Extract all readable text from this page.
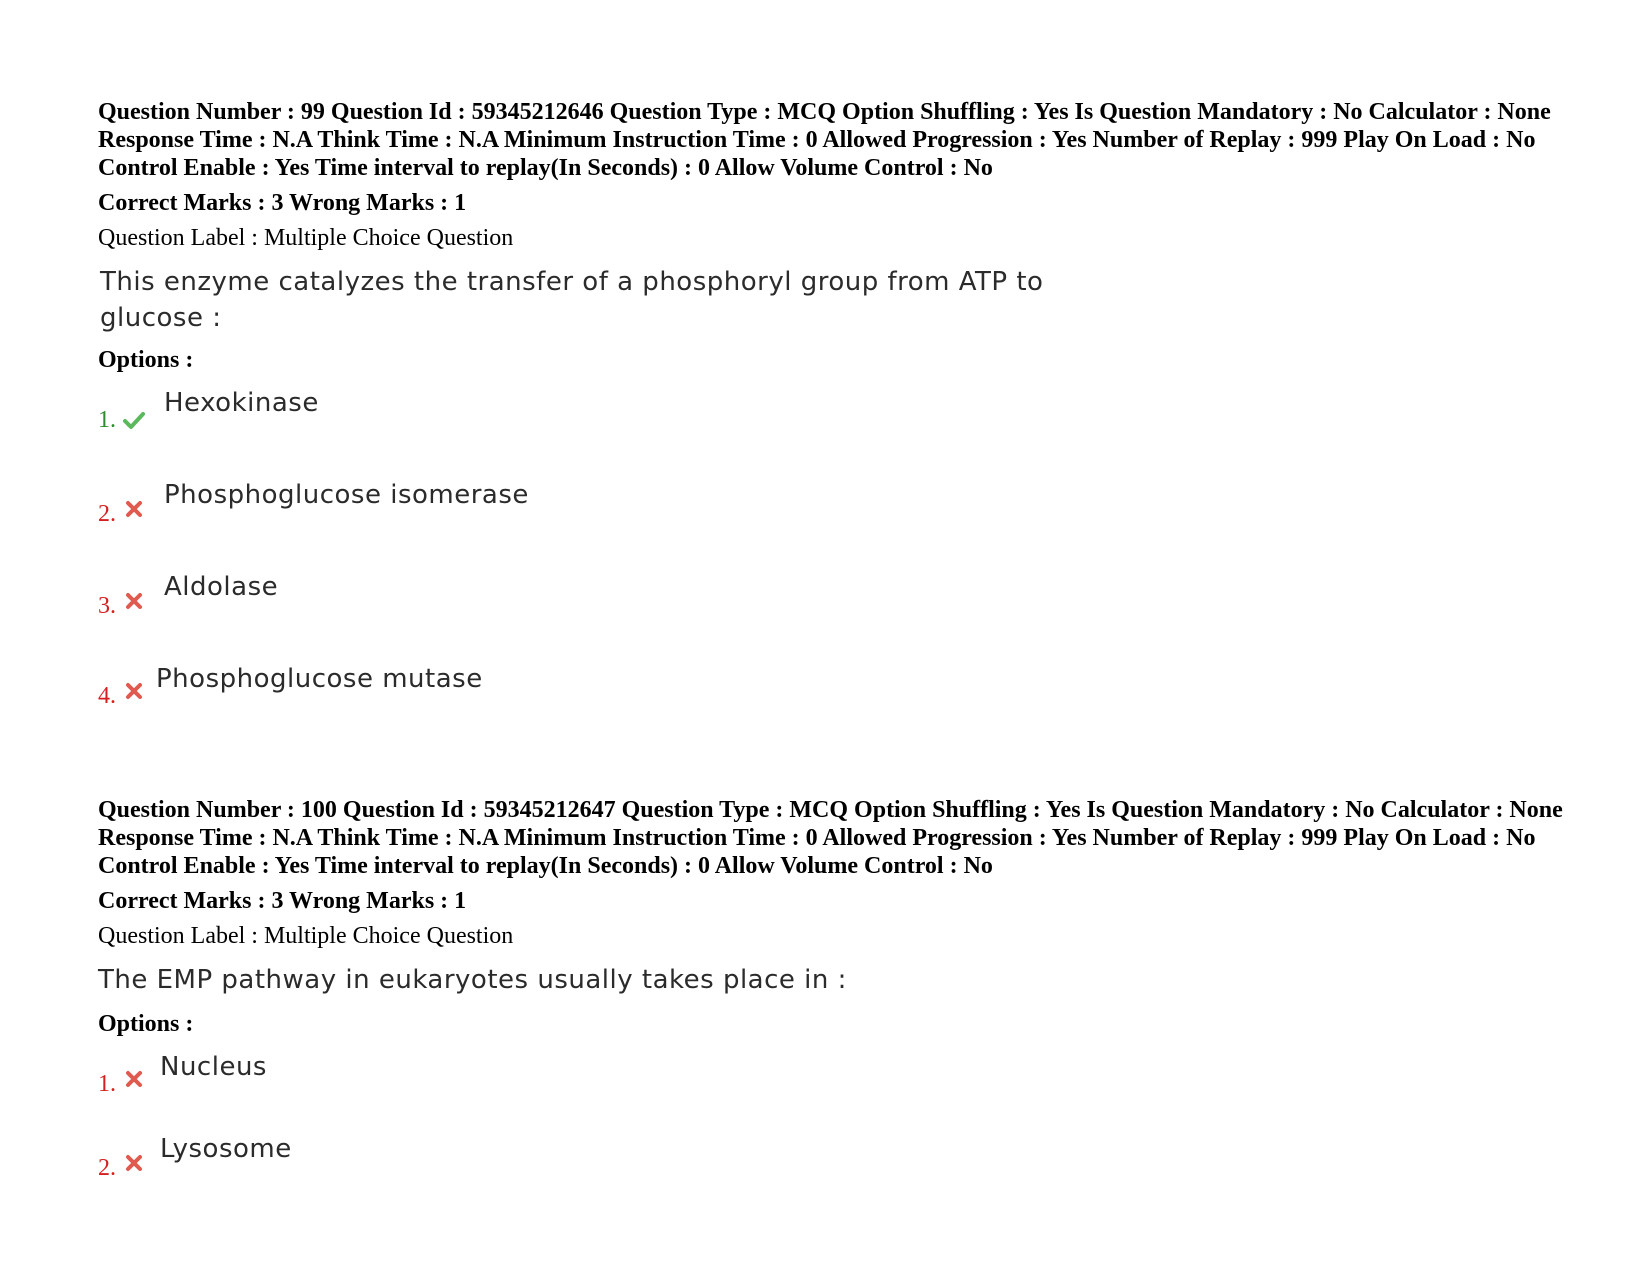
Question Number : 99 Question Id : 59345212646 Question Type : MCQ Option Shuffling : Yes Is Question Mandatory : No Calculator : None Response Time : N.A Think Time : N.A Minimum Instruction Time : 0 Allowed Progression : Yes Number of Replay : 999 Play On Load : No Control Enable : Yes Time interval to replay(In Seconds) : 0 Allow Volume Control : No

Correct Marks : 3 Wrong Marks : 1
Question Label : Multiple Choice Question
This enzyme catalyzes the transfer of a phosphoryl group from ATP to glucose :
Options :
1.
Hexokinase
2.
Phosphoglucose isomerase
3.
Aldolase
4.
Phosphoglucose mutase

Question Number : 100 Question Id : 59345212647 Question Type : MCQ Option Shuffling : Yes Is Question Mandatory : No Calculator : None Response Time : N.A Think Time : N.A Minimum Instruction Time : 0 Allowed Progression : Yes Number of Replay : 999 Play On Load : No Control Enable : Yes Time interval to replay(In Seconds) : 0 Allow Volume Control : No

Correct Marks : 3 Wrong Marks : 1
Question Label : Multiple Choice Question
The EMP pathway in eukaryotes usually takes place in :
Options :
1.
Nucleus
2.
Lysosome
